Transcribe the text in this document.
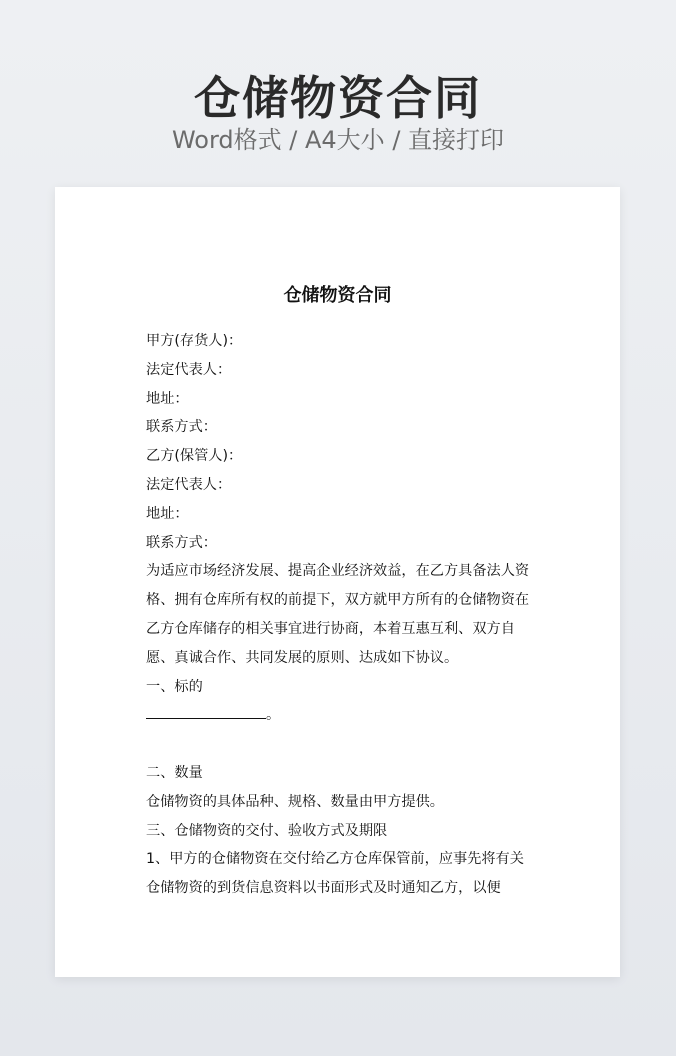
仓储物资合同
Word格式 / A4大小 / 直接打印
仓储物资合同

甲方(存货人)：

法定代表人：

地址：

联系方式：

乙方(保管人)：

法定代表人：

地址：

联系方式：

为适应市场经济发展、提高企业经济效益，在乙方具备法人资格、拥有仓库所有权的前提下，双方就甲方所有的仓储物资在乙方仓库储存的相关事宜进行协商，本着互惠互利、双方自愿、真诚合作、共同发展的原则、达成如下协议。

一、标的

。

二、数量

仓储物资的具体品种、规格、数量由甲方提供。

三、仓储物资的交付、验收方式及期限

1、甲方的仓储物资在交付给乙方仓库保管前，应事先将有关仓储物资的到货信息资料以书面形式及时通知乙方，以便
